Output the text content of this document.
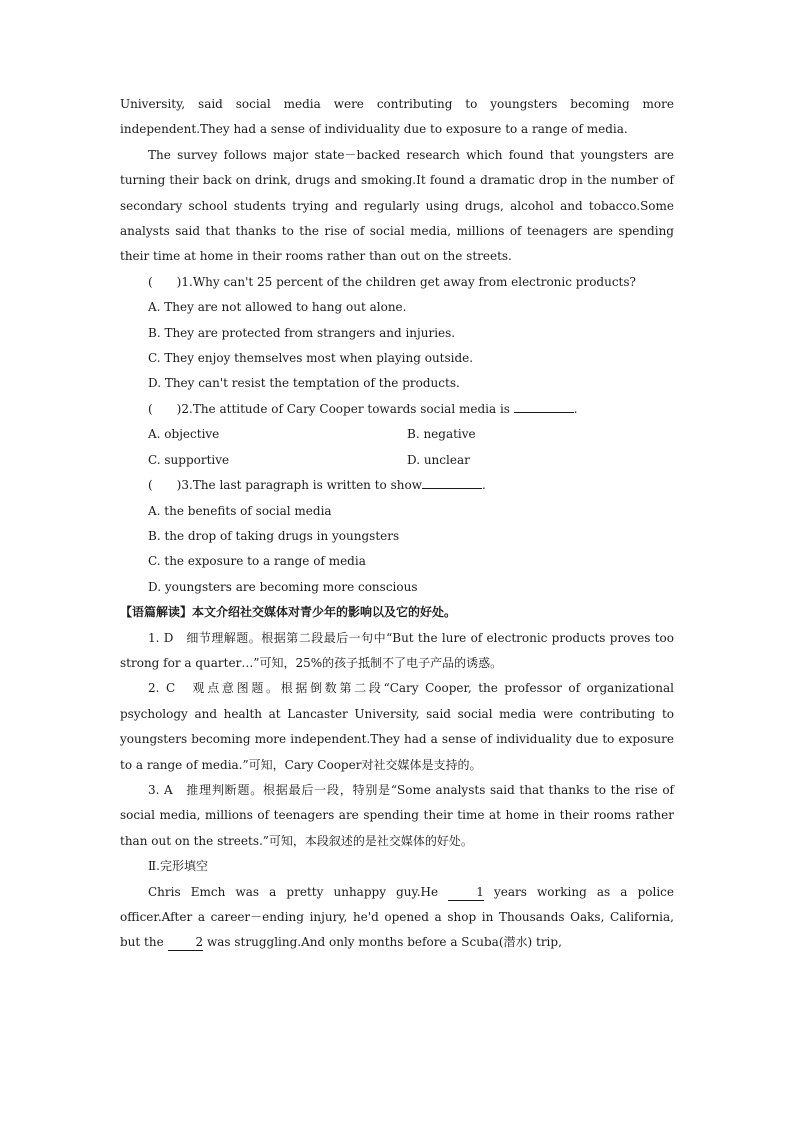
University, said social media were contributing to youngsters becoming more independent.They had a sense of individuality due to exposure to a range of media.

The survey follows major state－backed research which found that youngsters are turning their back on drink, drugs and smoking.It found a dramatic drop in the number of secondary school students trying and regularly using drugs, alcohol and tobacco.Some analysts said that thanks to the rise of social media, millions of teenagers are spending their time at home in their rooms rather than out on the streets.

(　　)1.Why can't 25 percent of the children get away from electronic products?

A. They are not allowed to hang out alone.

B. They are protected from strangers and injuries.

C. They enjoy themselves most when playing outside.

D. They can't resist the temptation of the products.

(　　)2.The attitude of Cary Cooper towards social media is	.

A. objective	B. negative
C. supportive	D. unclear

(　　)3.The last paragraph is written to show	.

A. the benefits of social media

B. the drop of taking drugs in youngsters

C. the exposure to a range of media

D. youngsters are becoming more conscious

【语篇解读】本文介绍社交媒体对青少年的影响以及它的好处。

1. D　细节理解题。根据第二段最后一句中“But the lure of electronic products proves too strong for a quarter…”可知，25%的孩子抵制不了电子产品的诱惑。

2. C　观点意图题。根据倒数第二段“Cary Cooper, the professor of organizational psychology and health at Lancaster University, said social media were contributing to youngsters becoming more independent.They had a sense of individuality due to exposure to a range of media.”可知，Cary Cooper对社交媒体是支持的。

3. A　推理判断题。根据最后一段，特别是“Some analysts said that thanks to the rise of social media, millions of teenagers are spending their time at home in their rooms rather than out on the streets.”可知，本段叙述的是社交媒体的好处。

Ⅱ.完形填空

Chris Emch was a pretty unhappy guy.He	1 years working as a police officer.After a career－ending injury, he'd opened a shop in Thousands Oaks, California, but the	2 was struggling.And only months before a Scuba(潜水) trip,
